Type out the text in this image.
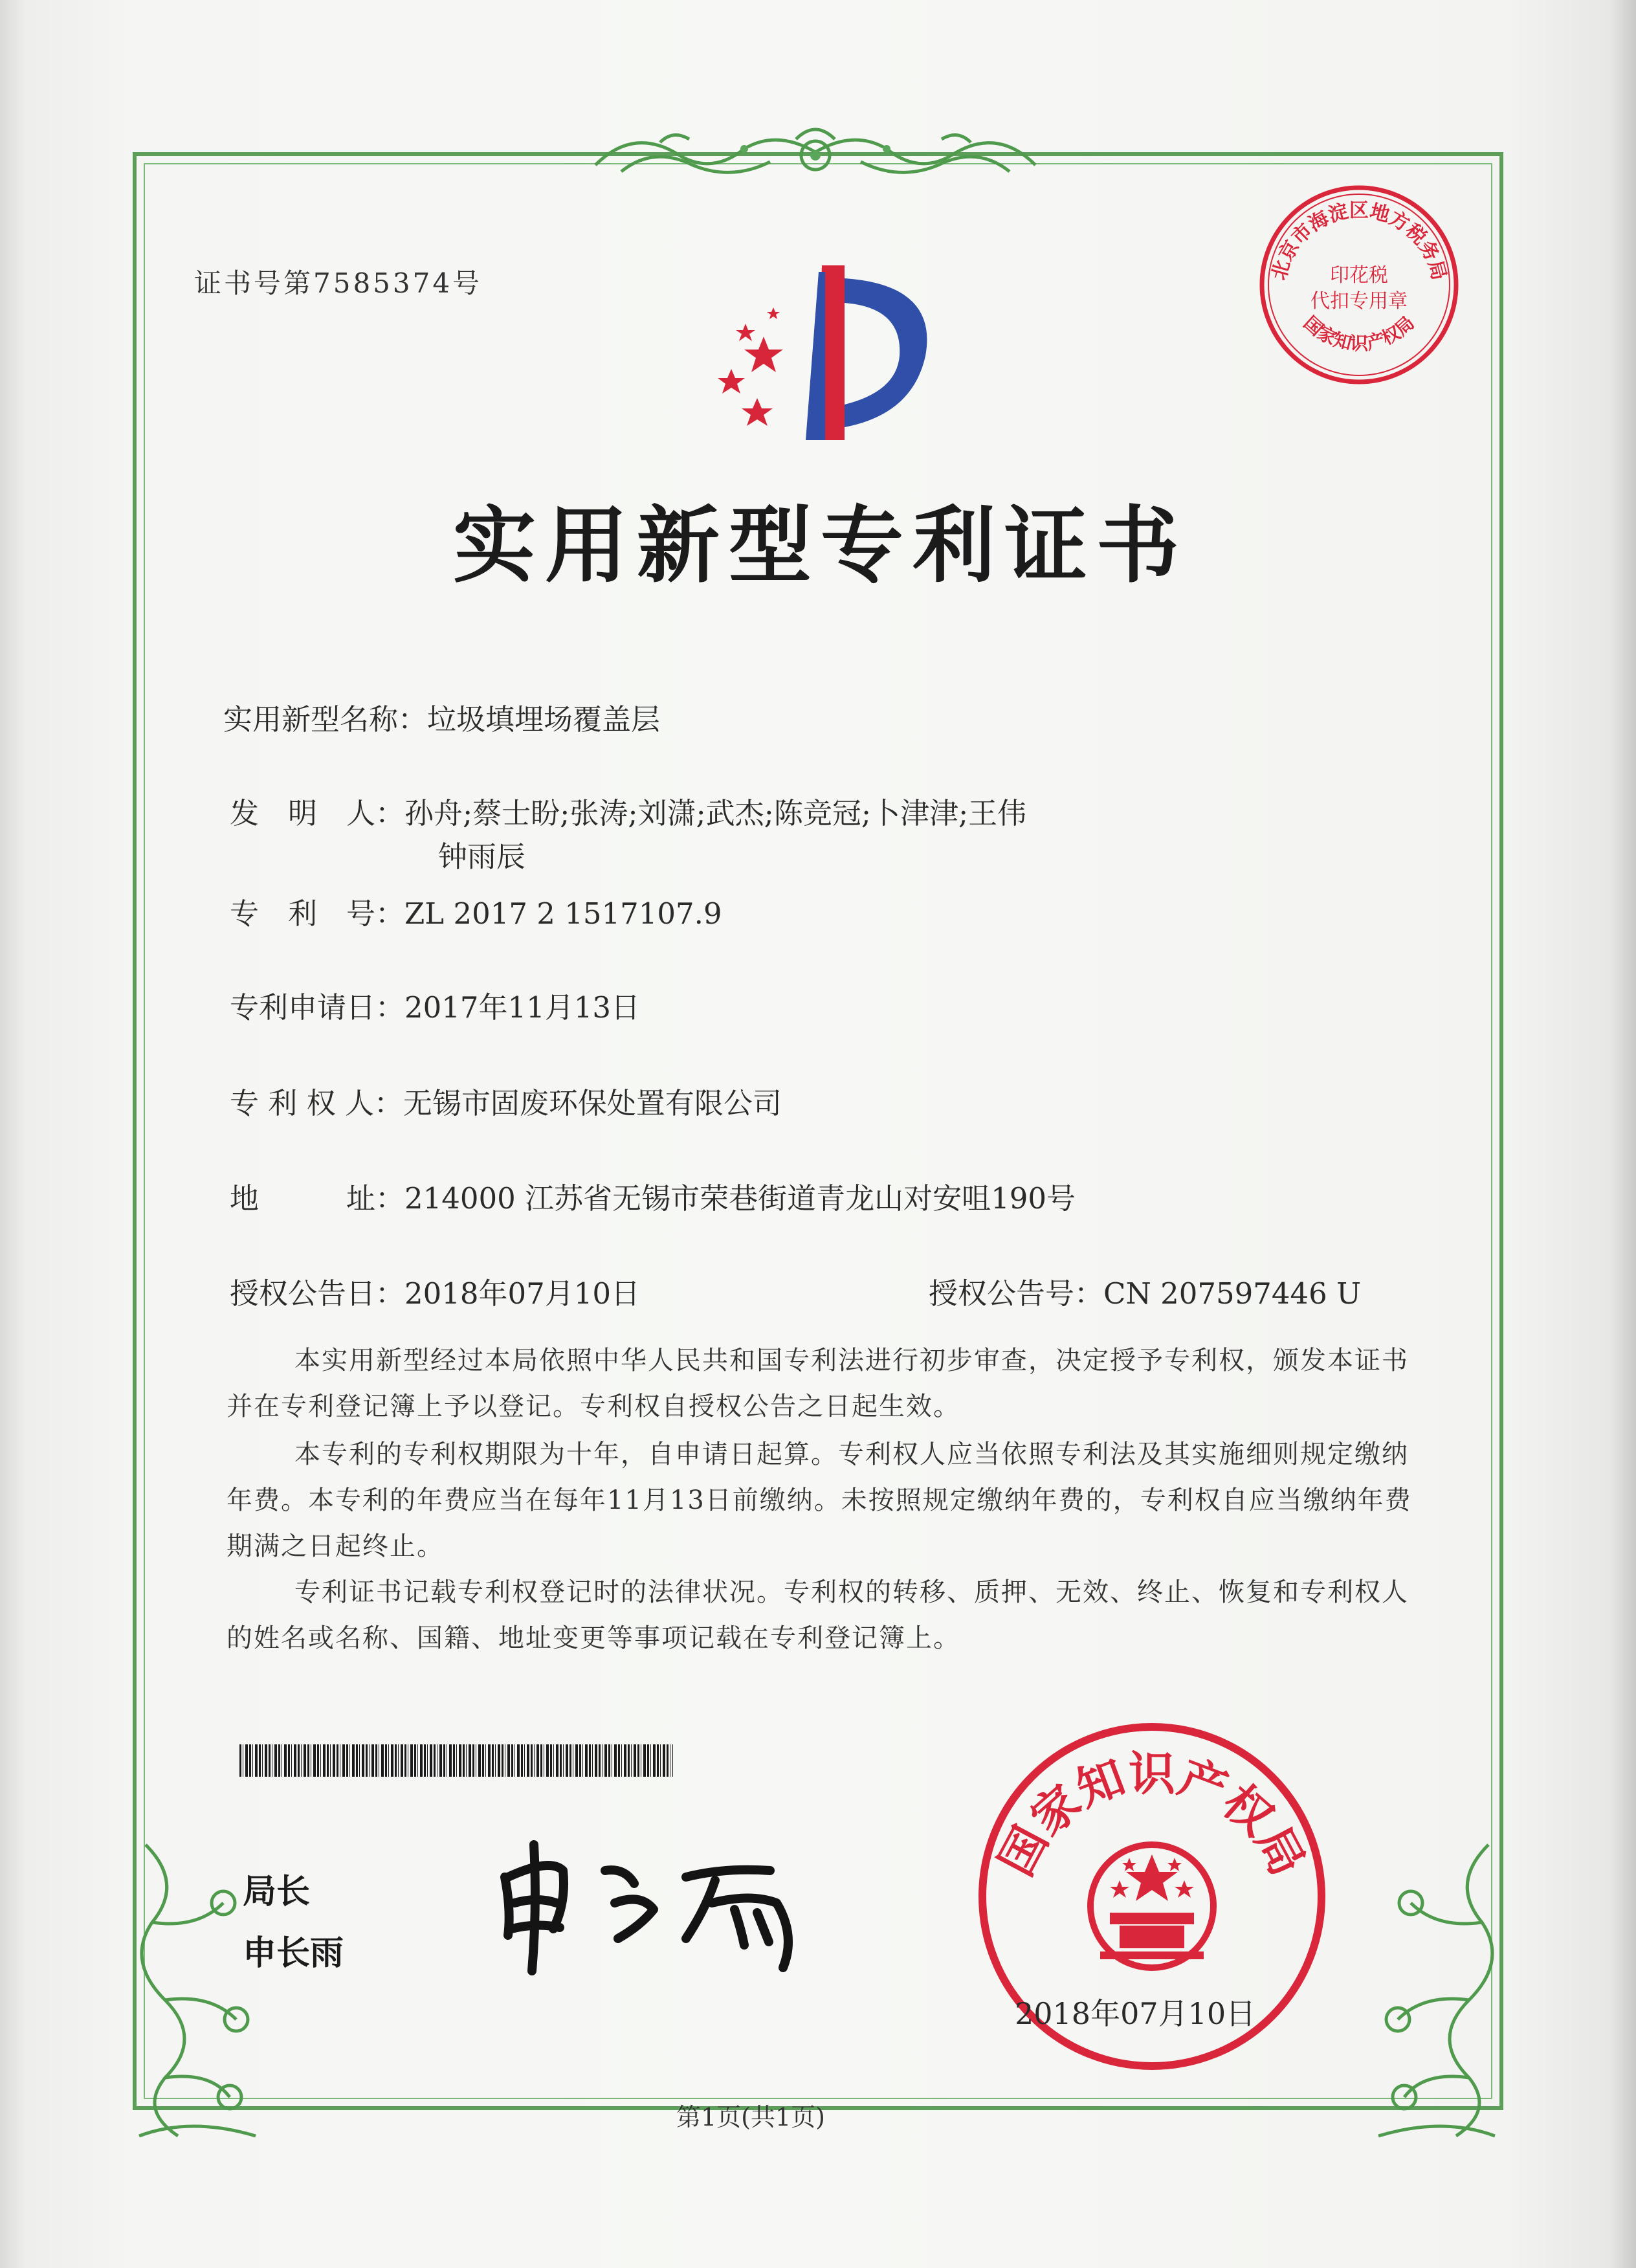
证书号第7585374号	北京市海淀区地方税务局
印花税
代扣专用章
国家知识产权局
实用新型专利证书
实用新型名称：垃圾填埋场覆盖层
发　明　人：孙舟;蔡士盼;张涛;刘潇;武杰;陈竞冠;卜津津;王伟
钟雨辰
专　利　号：ZL 2017 2 1517107.9
专利申请日：2017年11月13日
专 利 权 人：无锡市固废环保处置有限公司
地　　　址：214000 江苏省无锡市荣巷街道青龙山对安咀190号
授权公告日：2018年07月10日	授权公告号：CN 207597446 U
本实用新型经过本局依照中华人民共和国专利法进行初步审查，决定授予专利权，颁发本证书并在专利登记簿上予以登记。专利权自授权公告之日起生效。
本专利的专利权期限为十年，自申请日起算。专利权人应当依照专利法及其实施细则规定缴纳年费。本专利的年费应当在每年11月13日前缴纳。未按照规定缴纳年费的，专利权自应当缴纳年费期满之日起终止。
专利证书记载专利权登记时的法律状况。专利权的转移、质押、无效、终止、恢复和专利权人的姓名或名称、国籍、地址变更等事项记载在专利登记簿上。
局长
申长雨
国家知识产权局
2018年07月10日
第1页(共1页)
